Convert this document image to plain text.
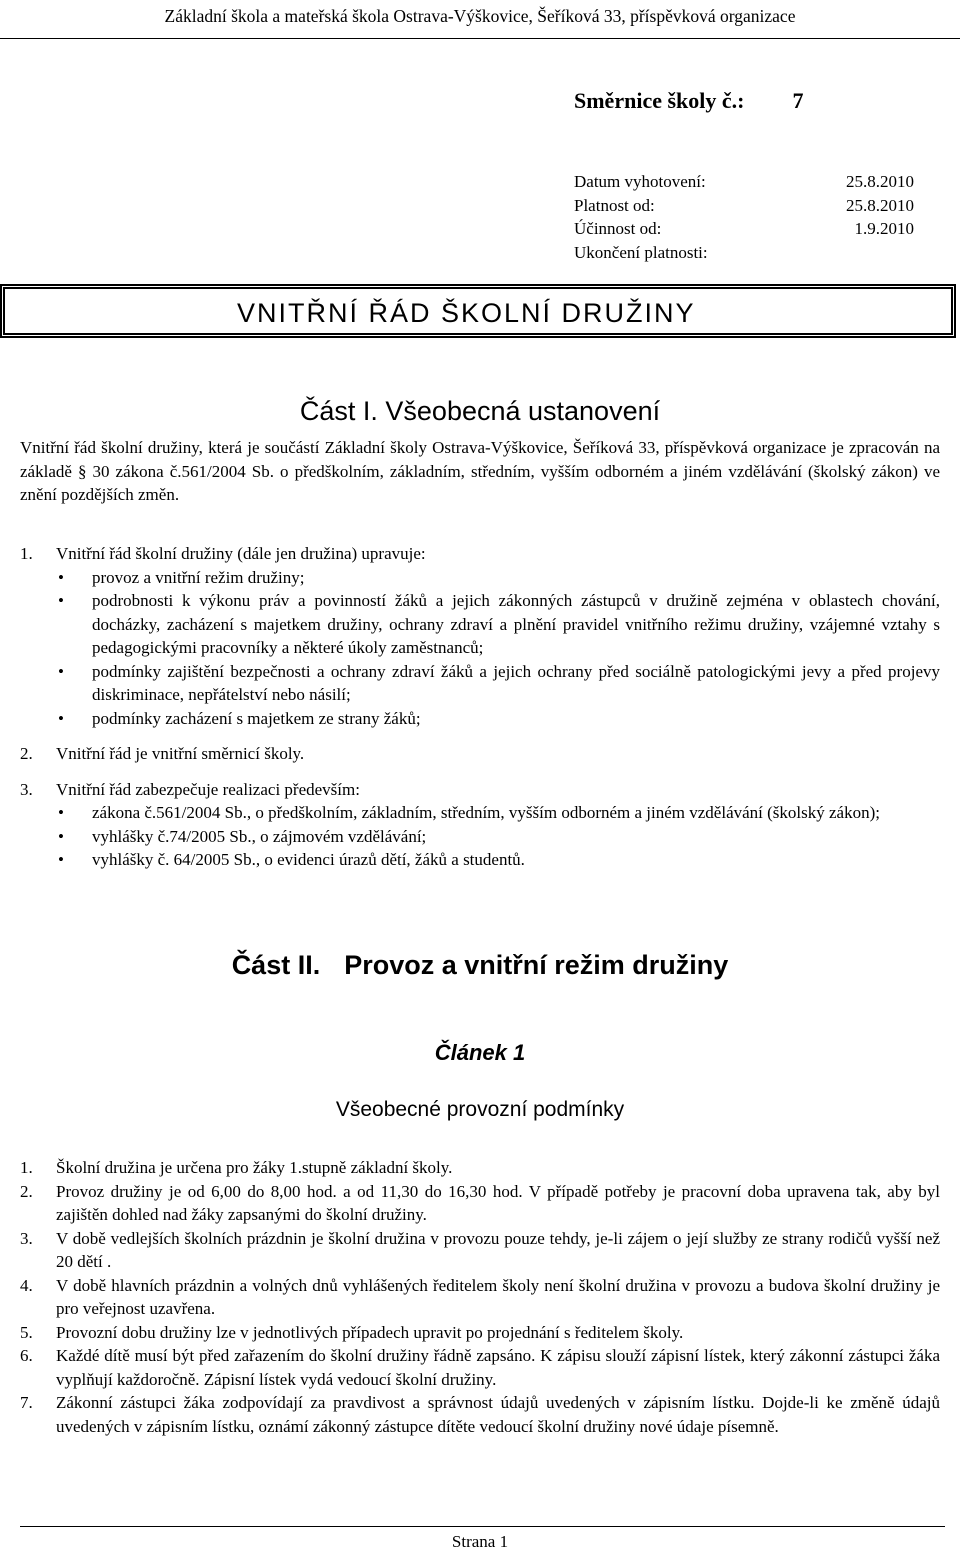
Základní škola a mateřská škola Ostrava-Výškovice, Šeříková 33, příspěvková organizace
Směrnice školy č.: 7
Datum vyhotovení:	25.8.2010
Platnost od:	25.8.2010
Účinnost od:	1.9.2010
Ukončení platnosti:
VNITŘNÍ ŘÁD ŠKOLNÍ DRUŽINY
Část I. Všeobecná ustanovení

Vnitřní řád školní družiny, která je součástí Základní školy Ostrava-Výškovice, Šeříková 33, příspěvková organizace je zpracován na základě § 30 zákona č.561/2004 Sb. o předškolním, základním, středním, vyšším odborném a jiném vzdělávání (školský zákon) ve znění pozdějších změn.

1. Vnitřní řád školní družiny (dále jen družina) upravuje:
• provoz a vnitřní režim družiny;
• podrobnosti k výkonu práv a povinností žáků a jejich zákonných zástupců v družině zejména v oblastech chování, docházky, zacházení s majetkem družiny, ochrany zdraví a plnění pravidel vnitřního režimu družiny, vzájemné vztahy s pedagogickými pracovníky a některé úkoly zaměstnanců;
• podmínky zajištění bezpečnosti a ochrany zdraví žáků a jejich ochrany před sociálně patologickými jevy a před projevy diskriminace, nepřátelství nebo násilí;
• podmínky zacházení s majetkem ze strany žáků;
2. Vnitřní řád je vnitřní směrnicí školy.
3. Vnitřní řád zabezpečuje realizaci především:
• zákona č.561/2004 Sb., o předškolním, základním, středním, vyšším odborném a jiném vzdělávání (školský zákon);
• vyhlášky č.74/2005 Sb., o zájmovém vzdělávání;
• vyhlášky č. 64/2005 Sb., o evidenci úrazů dětí, žáků a studentů.
Část II. Provoz a vnitřní režim družiny
Článek 1
Všeobecné provozní podmínky
1. Školní družina je určena pro žáky 1.stupně základní školy.
2. Provoz družiny je od 6,00 do 8,00 hod. a od 11,30 do 16,30 hod. V případě potřeby je pracovní doba upravena tak, aby byl zajištěn dohled nad žáky zapsanými do školní družiny.
3. V době vedlejších školních prázdnin je školní družina v provozu pouze tehdy, je-li zájem o její služby ze strany rodičů vyšší než 20 dětí .
4. V době hlavních prázdnin a volných dnů vyhlášených ředitelem školy není školní družina v provozu a budova školní družiny je pro veřejnost uzavřena.
5. Provozní dobu družiny lze v jednotlivých případech upravit po projednání s ředitelem školy.
6. Každé dítě musí být před zařazením do školní družiny řádně zapsáno. K zápisu slouží zápisní lístek, který zákonní zástupci žáka vyplňují každoročně. Zápisní lístek vydá vedoucí školní družiny.
7. Zákonní zástupci žáka zodpovídají za pravdivost a správnost údajů uvedených v zápisním lístku. Dojde-li ke změně údajů uvedených v zápisním lístku, oznámí zákonný zástupce dítěte vedoucí školní družiny nové údaje písemně.
Strana 1
